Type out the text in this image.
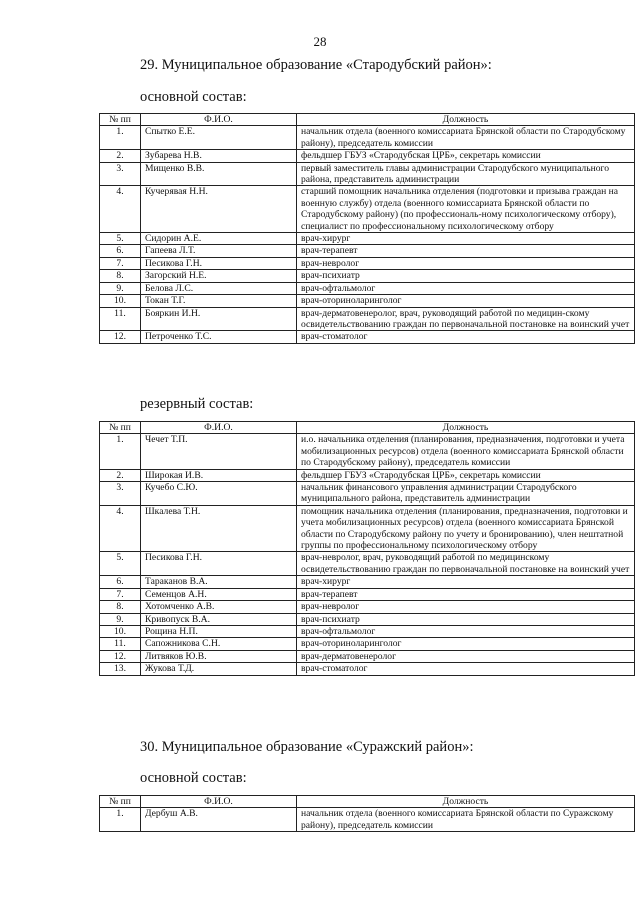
28
29. Муниципальное образование «Стародубский район»:
основной состав:
№ пп	Ф.И.О.	Должность
1.	Спытко Е.Е.	начальник отдела (военного комиссариата Брянской области по Стародубскому району), председатель комиссии
2.	Зубарева Н.В.	фельдшер ГБУЗ «Стародубская ЦРБ», секретарь комиссии
3.	Мищенко В.В.	первый заместитель главы администрации Стародубского муниципального района, представитель администрации
4.	Кучерявая Н.Н.	старший помощник начальника отделения (подготовки и призыва граждан на военную службу) отдела (военного комиссариата Брянской области по Стародубскому району) (по профессиональ-ному психологическому отбору), специалист по профессиональному психологическому отбору
5.	Сидорин А.Е.	врач-хирург
6.	Гапеева Л.Т.	врач-терапевт
7.	Песикова Г.Н.	врач-невролог
8.	Загорский Н.Е.	врач-психиатр
9.	Белова Л.С.	врач-офтальмолог
10.	Токан Т.Г.	врач-оториноларинголог
11.	Бояркин И.Н.	врач-дерматовенеролог, врач, руководящий работой по медицин-скому освидетельствованию граждан по первоначальной постановке на воинский учет
12.	Петроченко Т.С.	врач-стоматолог
резервный состав:
№ пп	Ф.И.О.	Должность
1.	Чечет Т.П.	и.о. начальника отделения (планирования, предназначения, подготовки и учета мобилизационных ресурсов) отдела (военного комиссариата Брянской области по Стародубскому району), председатель комиссии
2.	Широкая И.В.	фельдшер ГБУЗ «Стародубская ЦРБ», секретарь комиссии
3.	Кучебо С.Ю.	начальник финансового управления администрации Стародубского муниципального района, представитель администрации
4.	Шкалева Т.Н.	помощник начальника отделения (планирования, предназначения, подготовки и учета мобилизационных ресурсов) отдела (военного комиссариата Брянской области по Стародубскому району по учету и бронированию), член нештатной группы по профессиональному психологическому отбору
5.	Песикова Г.Н.	врач-невролог, врач, руководящий работой по медицинскому освидетельствованию граждан по первоначальной постановке на воинский учет
6.	Тараканов В.А.	врач-хирург
7.	Семенцов А.Н.	врач-терапевт
8.	Хотомченко А.В.	врач-невролог
9.	Кривопуск В.А.	врач-психиатр
10.	Рощина Н.П.	врач-офтальмолог
11.	Сапожникова С.Н.	врач-оториноларинголог
12.	Литвяков Ю.В.	врач-дерматовенеролог
13.	Жукова Т.Д.	врач-стоматолог
30. Муниципальное образование «Суражский район»:
основной состав:
№ пп	Ф.И.О.	Должность
1.	Дербуш А.В.	начальник отдела (военного комиссариата Брянской области по Суражскому району), председатель комиссии
